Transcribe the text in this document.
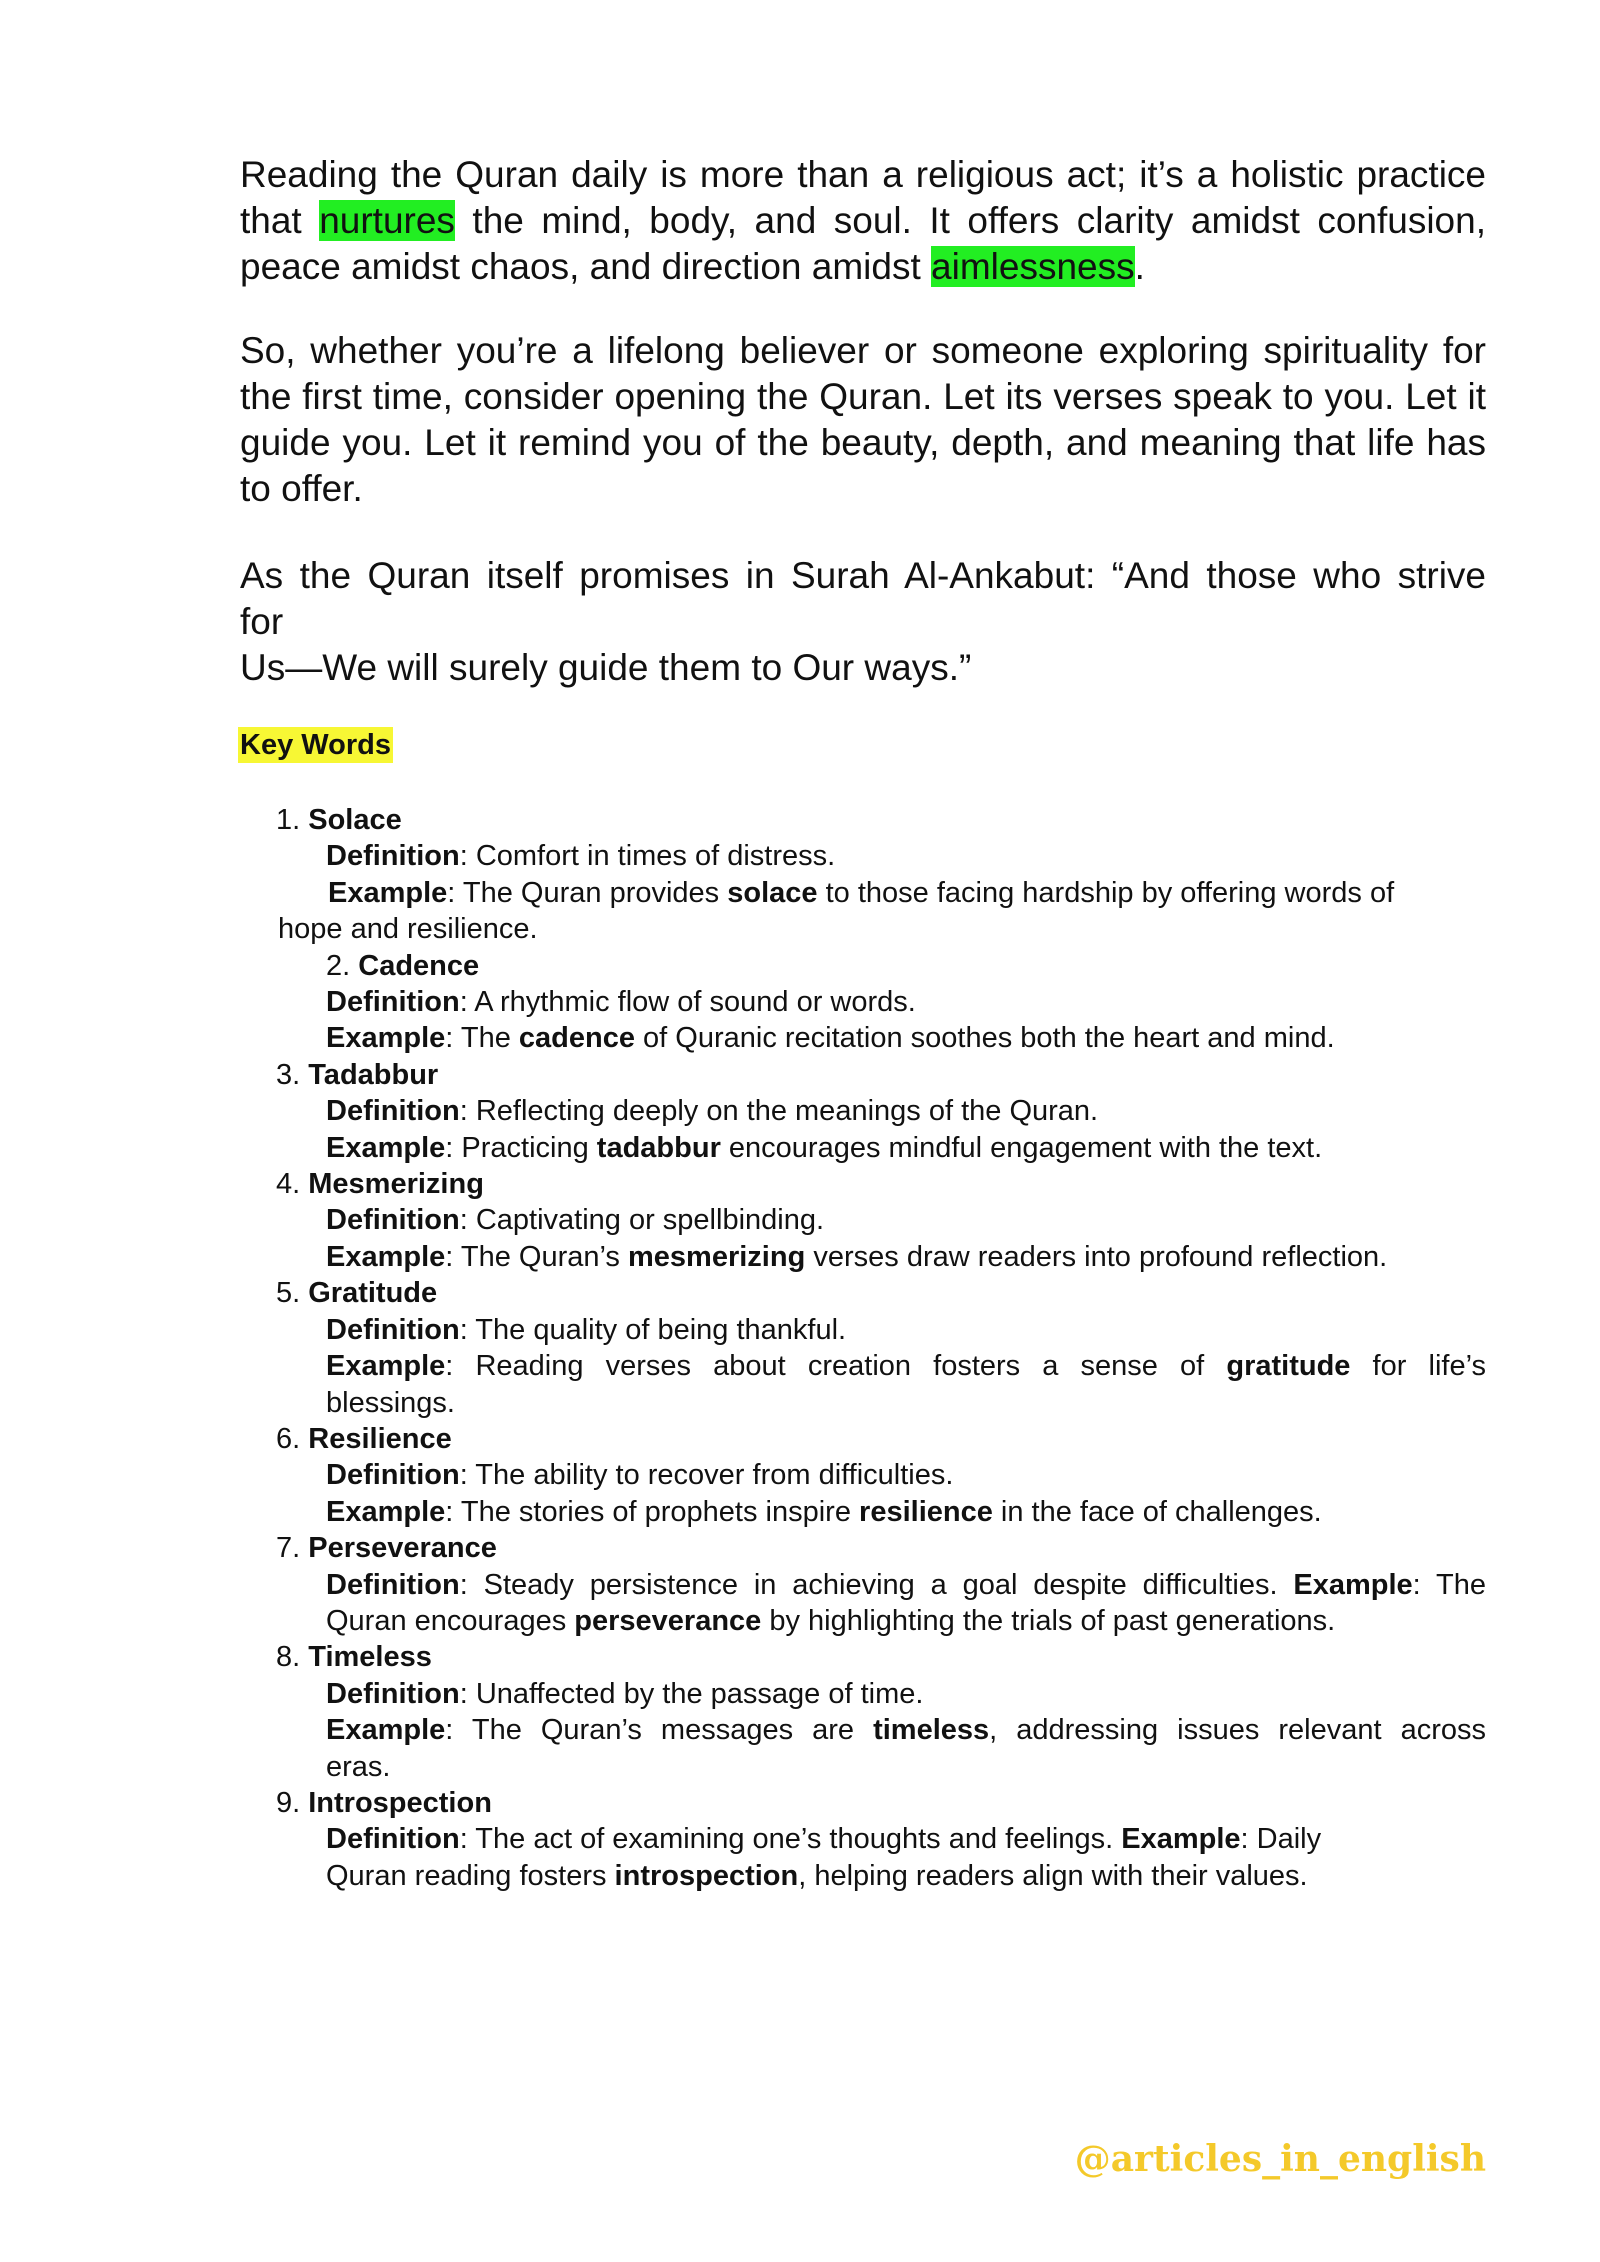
Reading the Quran daily is more than a religious act; it’s a holistic practice that nurtures the mind, body, and soul. It offers clarity amidst confusion, peace amidst chaos, and direction amidst aimlessness.

So, whether you’re a lifelong believer or someone exploring spirituality for the first time, consider opening the Quran. Let its verses speak to you. Let it guide you. Let it remind you of the beauty, depth, and meaning that life has to offer.

As the Quran itself promises in Surah Al-Ankabut: “And those who strive
for
Us—We will surely guide them to Our ways.”
Key Words
1. Solace
Definition: Comfort in times of distress.
Example: The Quran provides solace to those facing hardship by offering words of
hope and resilience.
2. Cadence
Definition: A rhythmic flow of sound or words.
Example: The cadence of Quranic recitation soothes both the heart and mind.
3. Tadabbur
Definition: Reflecting deeply on the meanings of the Quran.
Example: Practicing tadabbur encourages mindful engagement with the text.
4. Mesmerizing
Definition: Captivating or spellbinding.
Example: The Quran’s mesmerizing verses draw readers into profound reflection.
5. Gratitude
Definition: The quality of being thankful.
Example: Reading verses about creation fosters a sense of gratitude for life’s
blessings.
6. Resilience
Definition: The ability to recover from difficulties.
Example: The stories of prophets inspire resilience in the face of challenges.
7. Perseverance
Definition: Steady persistence in achieving a goal despite difficulties. Example: The
Quran encourages perseverance by highlighting the trials of past generations.
8. Timeless
Definition: Unaffected by the passage of time.
Example: The Quran’s messages are timeless, addressing issues relevant across
eras.
9. Introspection
Definition: The act of examining one’s thoughts and feelings. Example: Daily
Quran reading fosters introspection, helping readers align with their values.
@articles_in_english
